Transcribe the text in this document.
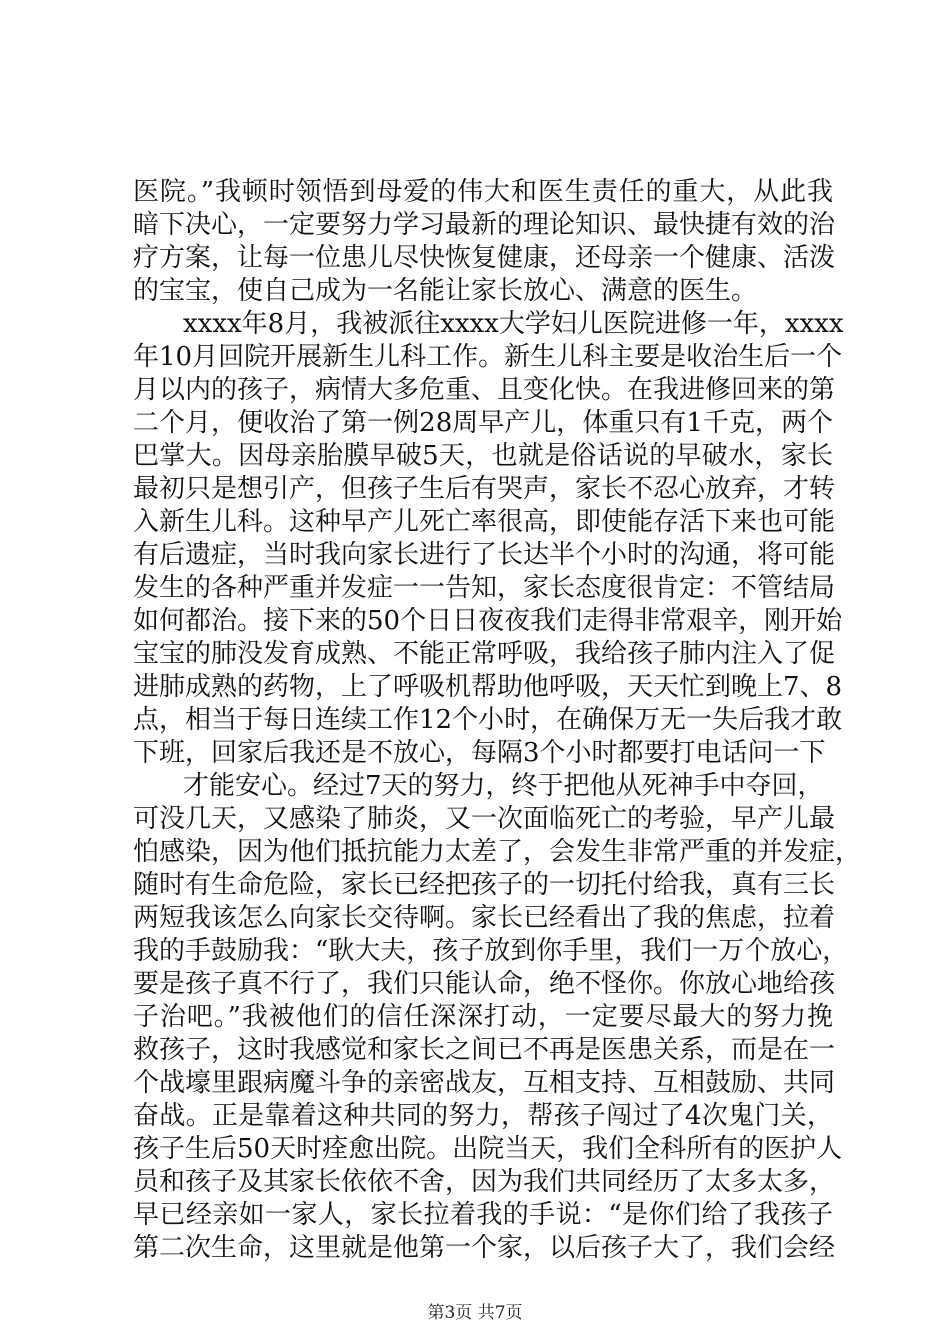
医院。”我顿时领悟到母爱的伟大和医生责任的重大，从此我
暗下决心，一定要努力学习最新的理论知识、最快捷有效的治
疗方案，让每一位患儿尽快恢复健康，还母亲一个健康、活泼
的宝宝，使自己成为一名能让家长放心、满意的医生。
xxxx年8月，我被派往xxxx大学妇儿医院进修一年，xxxx
年10月回院开展新生儿科工作。新生儿科主要是收治生后一个
月以内的孩子，病情大多危重、且变化快。在我进修回来的第
二个月，便收治了第一例28周早产儿，体重只有1千克，两个
巴掌大。因母亲胎膜早破5天，也就是俗话说的早破水，家长
最初只是想引产，但孩子生后有哭声，家长不忍心放弃，才转
入新生儿科。这种早产儿死亡率很高，即使能存活下来也可能
有后遗症，当时我向家长进行了长达半个小时的沟通，将可能
发生的各种严重并发症一一告知，家长态度很肯定：不管结局
如何都治。接下来的50个日日夜夜我们走得非常艰辛，刚开始
宝宝的肺没发育成熟、不能正常呼吸，我给孩子肺内注入了促
进肺成熟的药物，上了呼吸机帮助他呼吸，天天忙到晚上7、8
点，相当于每日连续工作12个小时，在确保万无一失后我才敢
下班，回家后我还是不放心，每隔3个小时都要打电话问一下
才能安心。经过7天的努力，终于把他从死神手中夺回，
可没几天，又感染了肺炎，又一次面临死亡的考验，早产儿最
怕感染，因为他们抵抗能力太差了，会发生非常严重的并发症，
随时有生命危险，家长已经把孩子的一切托付给我，真有三长
两短我该怎么向家长交待啊。家长已经看出了我的焦虑，拉着
我的手鼓励我：“耿大夫，孩子放到你手里，我们一万个放心，
要是孩子真不行了，我们只能认命，绝不怪你。你放心地给孩
子治吧。”我被他们的信任深深打动，一定要尽最大的努力挽
救孩子，这时我感觉和家长之间已不再是医患关系，而是在一
个战壕里跟病魔斗争的亲密战友，互相支持、互相鼓励、共同
奋战。正是靠着这种共同的努力，帮孩子闯过了4次鬼门关，
孩子生后50天时痊愈出院。出院当天，我们全科所有的医护人
员和孩子及其家长依依不舍，因为我们共同经历了太多太多，
早已经亲如一家人，家长拉着我的手说：“是你们给了我孩子
第二次生命，这里就是他第一个家，以后孩子大了，我们会经
第3页 共7页
